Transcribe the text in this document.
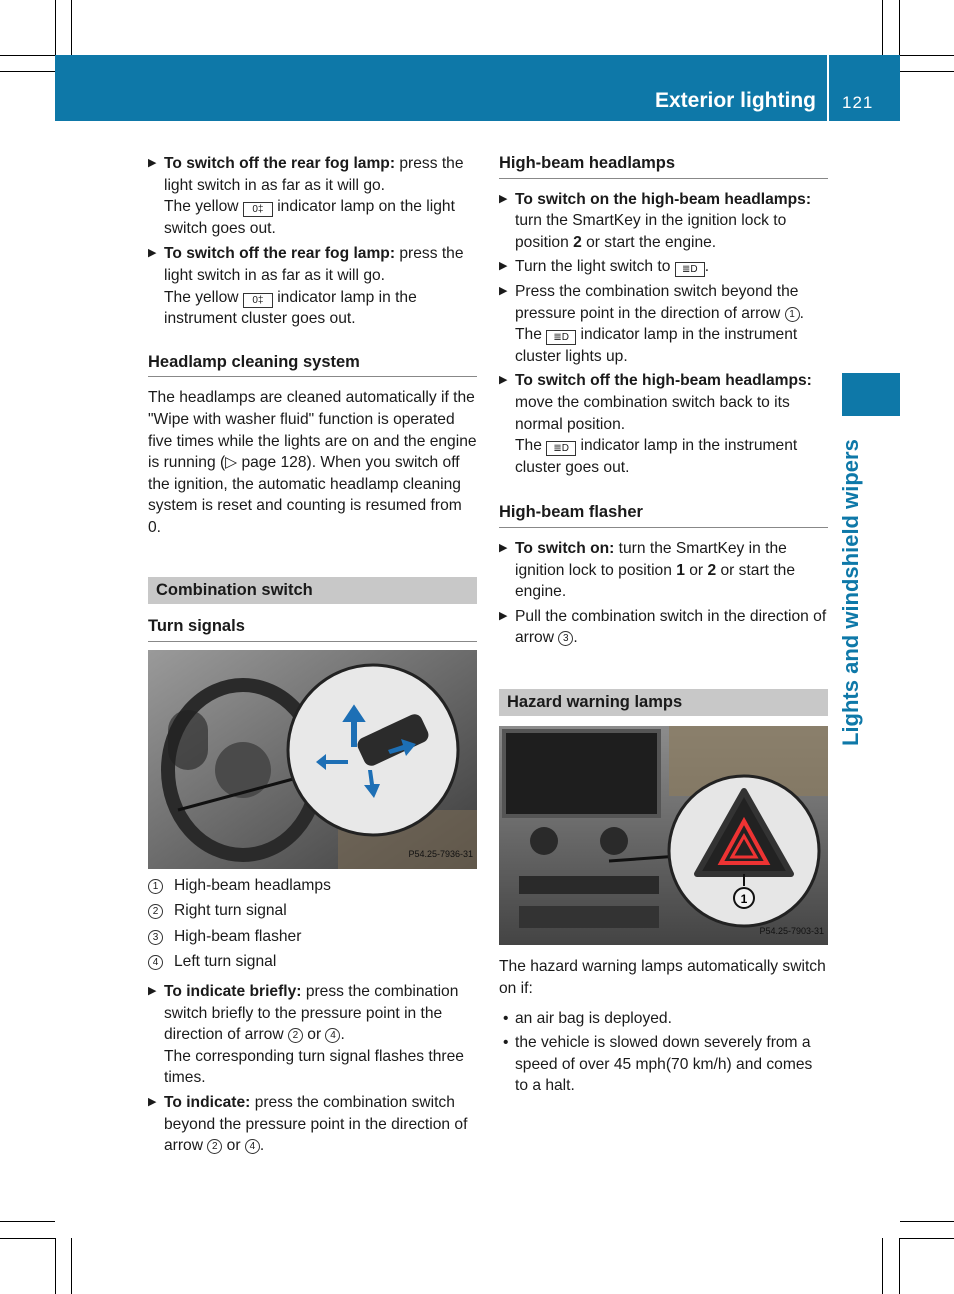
Exterior lighting 121
Lights and windshield wipers
▶ To switch off the rear fog lamp: press the light switch in as far as it will go.
The yellow 0‡ indicator lamp on the light switch goes out.
▶ To switch off the rear fog lamp: press the light switch in as far as it will go.
The yellow 0‡ indicator lamp in the instrument cluster goes out.
Headlamp cleaning system

The headlamps are cleaned automatically if the "Wipe with washer fluid" function is operated five times while the lights are on and the engine is running (▷ page 128). When you switch off the ignition, the automatic headlamp cleaning system is reset and counting is resumed from 0.

Combination switch
Turn signals
P54.25-7936-31
1	High-beam headlamps
2	Right turn signal
3	High-beam flasher
4	Left turn signal
▶ To indicate briefly: press the combination switch briefly to the pressure point in the direction of arrow 2 or 4 .
The corresponding turn signal flashes three times.
▶ To indicate: press the combination switch beyond the pressure point in the direction of arrow 2 or 4 .
High-beam headlamps
▶ To switch on the high-beam headlamps: turn the SmartKey in the ignition lock to position 2 or start the engine.
▶ Turn the light switch to ≣D .
▶ Press the combination switch beyond the pressure point in the direction of arrow 1 .
The ≣D indicator lamp in the instrument cluster lights up.
▶ To switch off the high-beam headlamps: move the combination switch back to its normal position.
The ≣D indicator lamp in the instrument cluster goes out.
High-beam flasher
▶ To switch on: turn the SmartKey in the ignition lock to position 1 or 2 or start the engine.
▶ Pull the combination switch in the direction of arrow 3 .
Hazard warning lamps
1
P54.25-7903-31

The hazard warning lamps automatically switch on if:

• an air bag is deployed.
• the vehicle is slowed down severely from a speed of over 45 mph(70 km/h) and comes to a halt.
